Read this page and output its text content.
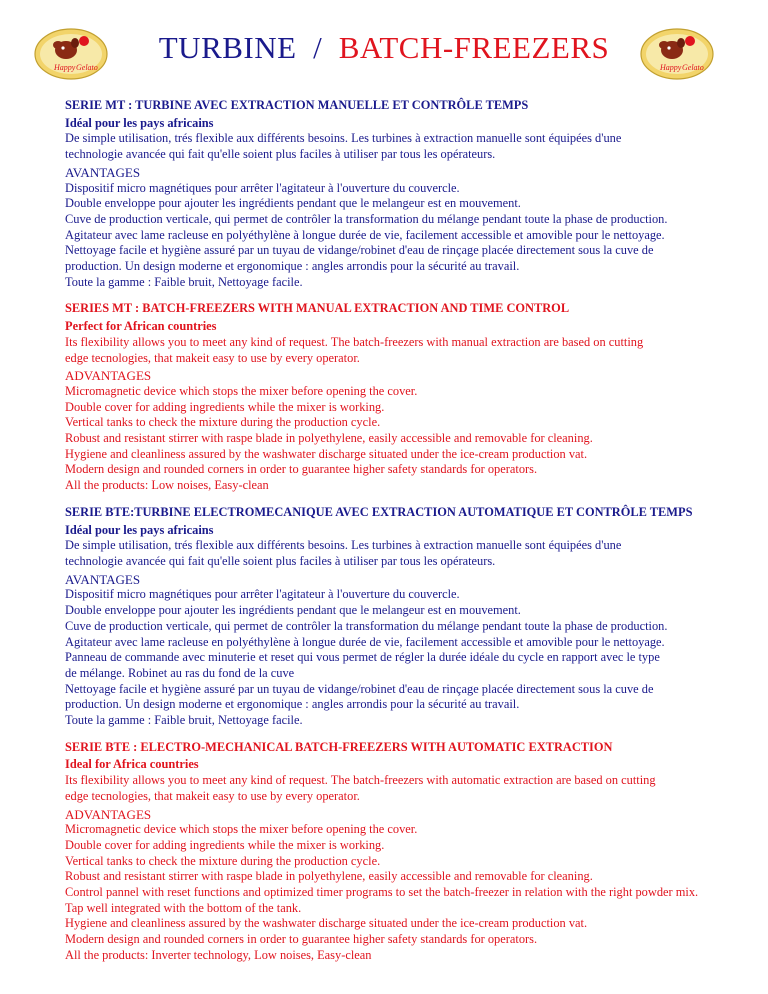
Happy Gelato	Happy Gelato
TURBINE / BATCH-FREEZERS
SERIE MT : TURBINE AVEC EXTRACTION MANUELLE ET CONTRÔLE TEMPS
Idéal pour les pays africains
De simple utilisation, trés flexible aux différents besoins. Les turbines à extraction manuelle sont équipées d'une
technologie avancée qui fait qu'elle soient plus faciles à utiliser par tous les opérateurs.
AVANTAGES
Dispositif micro magnétiques pour arrêter l'agitateur à l'ouverture du couvercle.
Double enveloppe pour ajouter les ingrédients pendant que le melangeur est en mouvement.
Cuve de production verticale, qui permet de contrôler la transformation du mélange pendant toute la phase de production.
Agitateur avec lame racleuse en polyéthylène à longue durée de vie, facilement accessible et amovible pour le nettoyage.
Nettoyage facile et hygiène assuré par un tuyau de vidange/robinet d'eau de rinçage placée directement sous la cuve de
production. Un design moderne et ergonomique : angles arrondis pour la sécurité au travail.
Toute la gamme : Faible bruit, Nettoyage facile.
SERIES MT : BATCH-FREEZERS WITH MANUAL EXTRACTION AND TIME CONTROL
Perfect for African countries
Its flexibility allows you to meet any kind of request. The batch-freezers with manual extraction are based on cutting
edge tecnologies, that makeit easy to use by every operator.
ADVANTAGES
Micromagnetic device which stops the mixer before opening the cover.
Double cover for adding ingredients while the mixer is working.
Vertical tanks to check the mixture during the production cycle.
Robust and resistant stirrer with raspe blade in polyethylene, easily accessible and removable for cleaning.
Hygiene and cleanliness assured by the washwater discharge situated under the ice-cream production vat.
Modern design and rounded corners in order to guarantee higher safety standards for operators.
All the products: Low noises, Easy-clean
SERIE BTE:TURBINE ELECTROMECANIQUE AVEC EXTRACTION AUTOMATIQUE ET CONTRÔLE TEMPS
Idéal pour les pays africains
De simple utilisation, trés flexible aux différents besoins. Les turbines à extraction manuelle sont équipées d'une
technologie avancée qui fait qu'elle soient plus faciles à utiliser par tous les opérateurs.
AVANTAGES
Dispositif micro magnétiques pour arrêter l'agitateur à l'ouverture du couvercle.
Double enveloppe pour ajouter les ingrédients pendant que le melangeur est en mouvement.
Cuve de production verticale, qui permet de contrôler la transformation du mélange pendant toute la phase de production.
Agitateur avec lame racleuse en polyéthylène à longue durée de vie, facilement accessible et amovible pour le nettoyage.
Panneau de commande avec minuterie et reset qui vous permet de régler la durée idéale du cycle en rapport avec le type
de mélange. Robinet au ras du fond de la cuve
Nettoyage facile et hygiène assuré par un tuyau de vidange/robinet d'eau de rinçage placée directement sous la cuve de
production. Un design moderne et ergonomique : angles arrondis pour la sécurité au travail.
Toute la gamme : Faible bruit, Nettoyage facile.
SERIE BTE : ELECTRO-MECHANICAL BATCH-FREEZERS WITH AUTOMATIC EXTRACTION
Ideal for Africa countries
Its flexibility allows you to meet any kind of request. The batch-freezers with automatic extraction are based on cutting
edge tecnologies, that makeit easy to use by every operator.
ADVANTAGES
Micromagnetic device which stops the mixer before opening the cover.
Double cover for adding ingredients while the mixer is working.
Vertical tanks to check the mixture during the production cycle.
Robust and resistant stirrer with raspe blade in polyethylene, easily accessible and removable for cleaning.
Control pannel with reset functions and optimized timer programs to set the batch-freezer in relation with the right powder mix.
Tap well integrated with the bottom of the tank.
Hygiene and cleanliness assured by the washwater discharge situated under the ice-cream production vat.
Modern design and rounded corners in order to guarantee higher safety standards for operators.
All the products: Inverter technology, Low noises, Easy-clean
